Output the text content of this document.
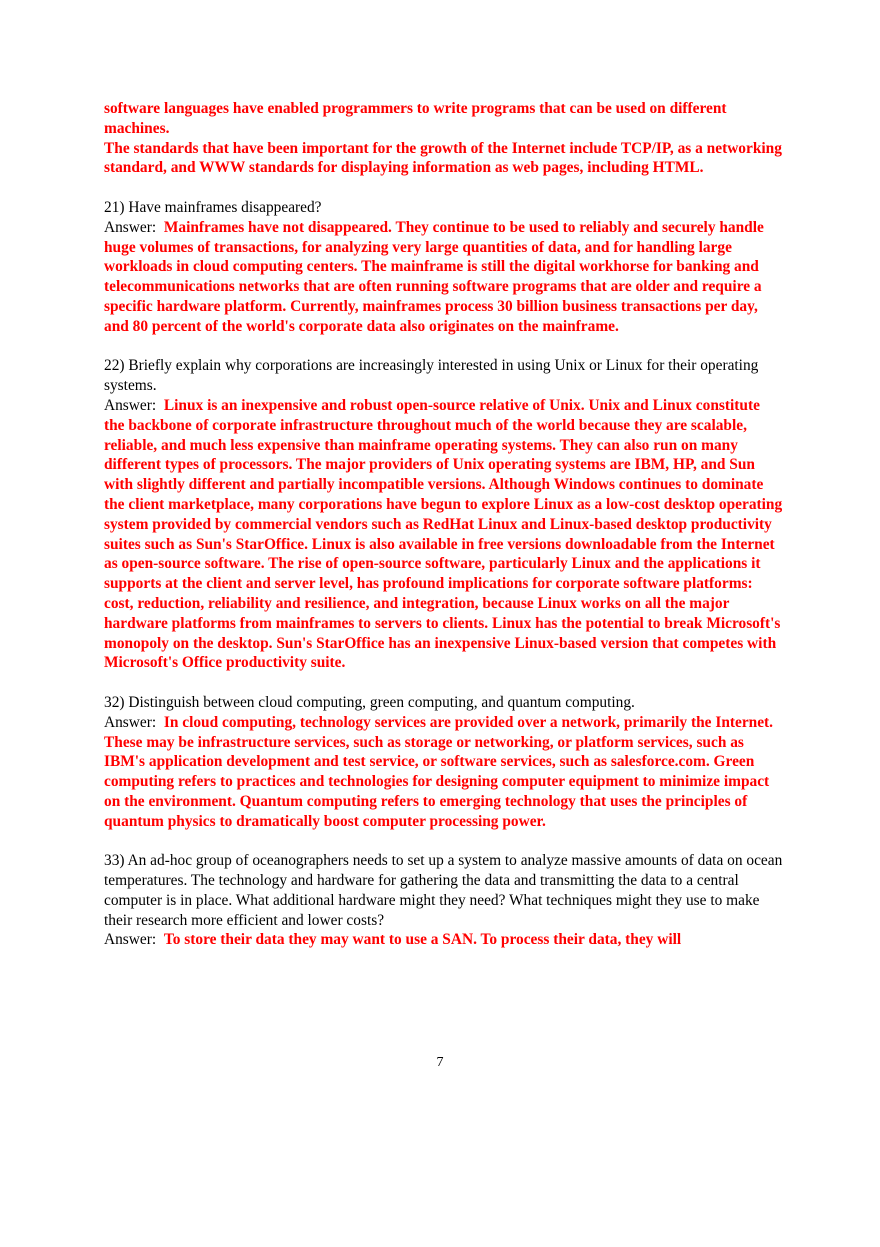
software languages have enabled programmers to write programs that can be used on different machines.

The standards that have been important for the growth of the Internet include TCP/IP, as a networking standard, and WWW standards for displaying information as web pages, including HTML.

21) Have mainframes disappeared?

Answer: Mainframes have not disappeared. They continue to be used to reliably and securely handle huge volumes of transactions, for analyzing very large quantities of data, and for handling large workloads in cloud computing centers. The mainframe is still the digital workhorse for banking and telecommunications networks that are often running software programs that are older and require a specific hardware platform. Currently, mainframes process 30 billion business transactions per day, and 80 percent of the world's corporate data also originates on the mainframe.

22) Briefly explain why corporations are increasingly interested in using Unix or Linux for their operating systems.

Answer: Linux is an inexpensive and robust open-source relative of Unix. Unix and Linux constitute the backbone of corporate infrastructure throughout much of the world because they are scalable, reliable, and much less expensive than mainframe operating systems. They can also run on many different types of processors. The major providers of Unix operating systems are IBM, HP, and Sun with slightly different and partially incompatible versions. Although Windows continues to dominate the client marketplace, many corporations have begun to explore Linux as a low-cost desktop operating system provided by commercial vendors such as RedHat Linux and Linux-based desktop productivity suites such as Sun's StarOffice. Linux is also available in free versions downloadable from the Internet as open-source software. The rise of open-source software, particularly Linux and the applications it supports at the client and server level, has profound implications for corporate software platforms: cost, reduction, reliability and resilience, and integration, because Linux works on all the major hardware platforms from mainframes to servers to clients. Linux has the potential to break Microsoft's monopoly on the desktop. Sun's StarOffice has an inexpensive Linux-based version that competes with Microsoft's Office productivity suite.

32) Distinguish between cloud computing, green computing, and quantum computing.

Answer: In cloud computing, technology services are provided over a network, primarily the Internet. These may be infrastructure services, such as storage or networking, or platform services, such as IBM's application development and test service, or software services, such as salesforce.com. Green computing refers to practices and technologies for designing computer equipment to minimize impact on the environment. Quantum computing refers to emerging technology that uses the principles of quantum physics to dramatically boost computer processing power.

33) An ad-hoc group of oceanographers needs to set up a system to analyze massive amounts of data on ocean temperatures. The technology and hardware for gathering the data and transmitting the data to a central computer is in place. What additional hardware might they need? What techniques might they use to make their research more efficient and lower costs?

Answer: To store their data they may want to use a SAN. To process their data, they will

7
